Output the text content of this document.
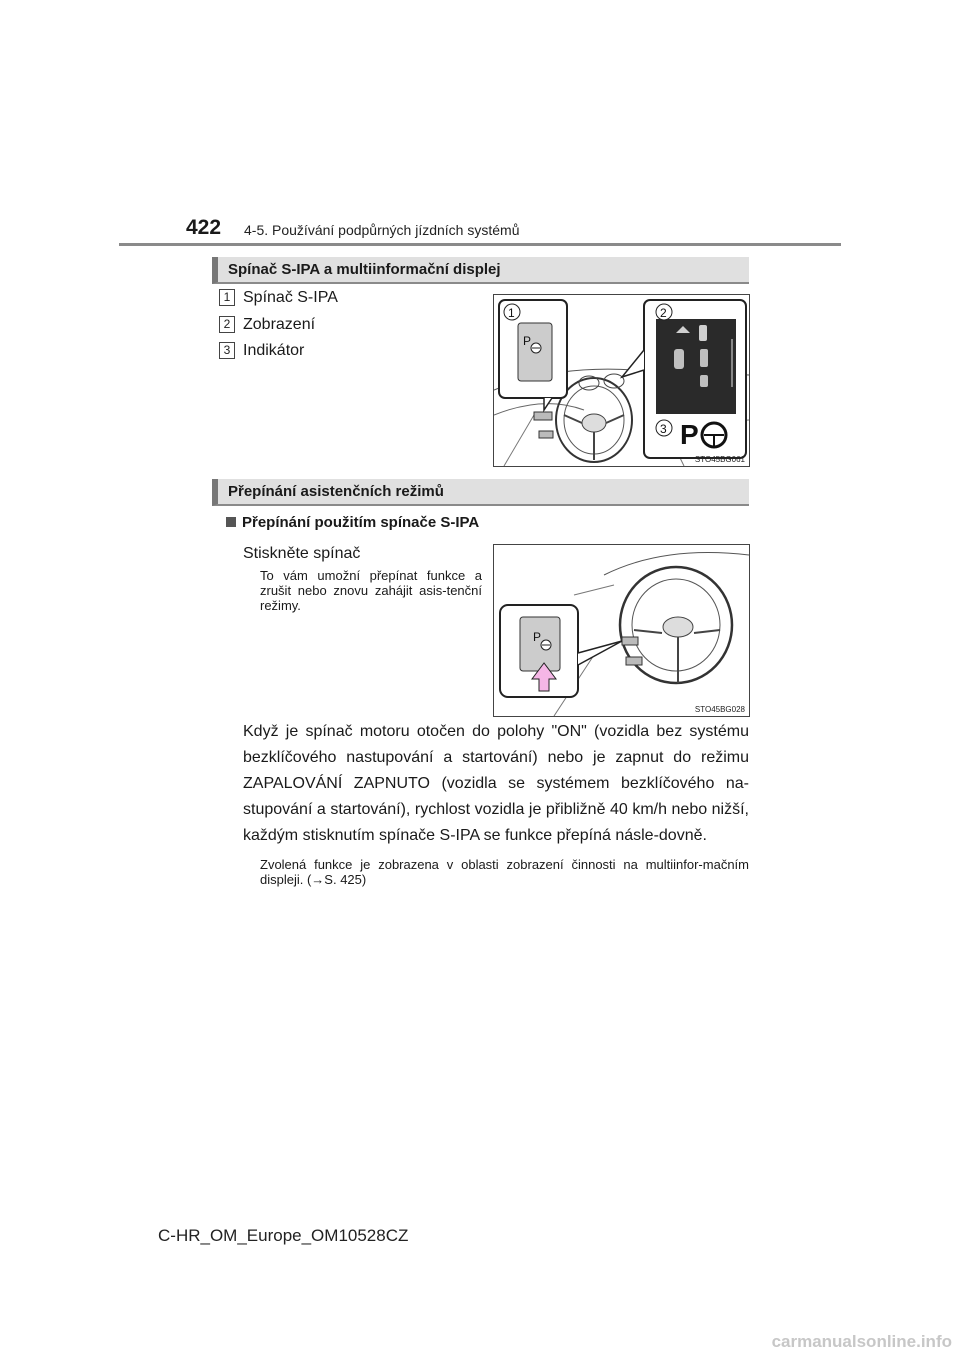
422 4-5. Používání podpůrných jízdních systémů
Spínač S-IPA a multiinformační displej
1 Spínač S-IPA
2 Zobrazení
3 Indikátor
P
P
1	2
3
STO45BG061
Přepínání asistenčních režimů
Přepínání použitím spínače S-IPA
Stiskněte spínač
To vám umožní přepínat funkce a zrušit nebo znovu zahájit asis-tenční režimy.
P
STO45BG028
Když je spínač motoru otočen do polohy "ON" (vozidla bez systému bezklíčového nastupování a startování) nebo je zapnut do režimu ZAPALOVÁNÍ ZAPNUTO (vozidla se systémem bezklíčového na-stupování a startování), rychlost vozidla je přibližně 40 km/h nebo nižší, každým stisknutím spínače S-IPA se funkce přepíná násle-dovně.
Zvolená funkce je zobrazena v oblasti zobrazení činnosti na multiinfor-mačním displeji. (→S. 425)
C-HR_OM_Europe_OM10528CZ
carmanualsonline.info
